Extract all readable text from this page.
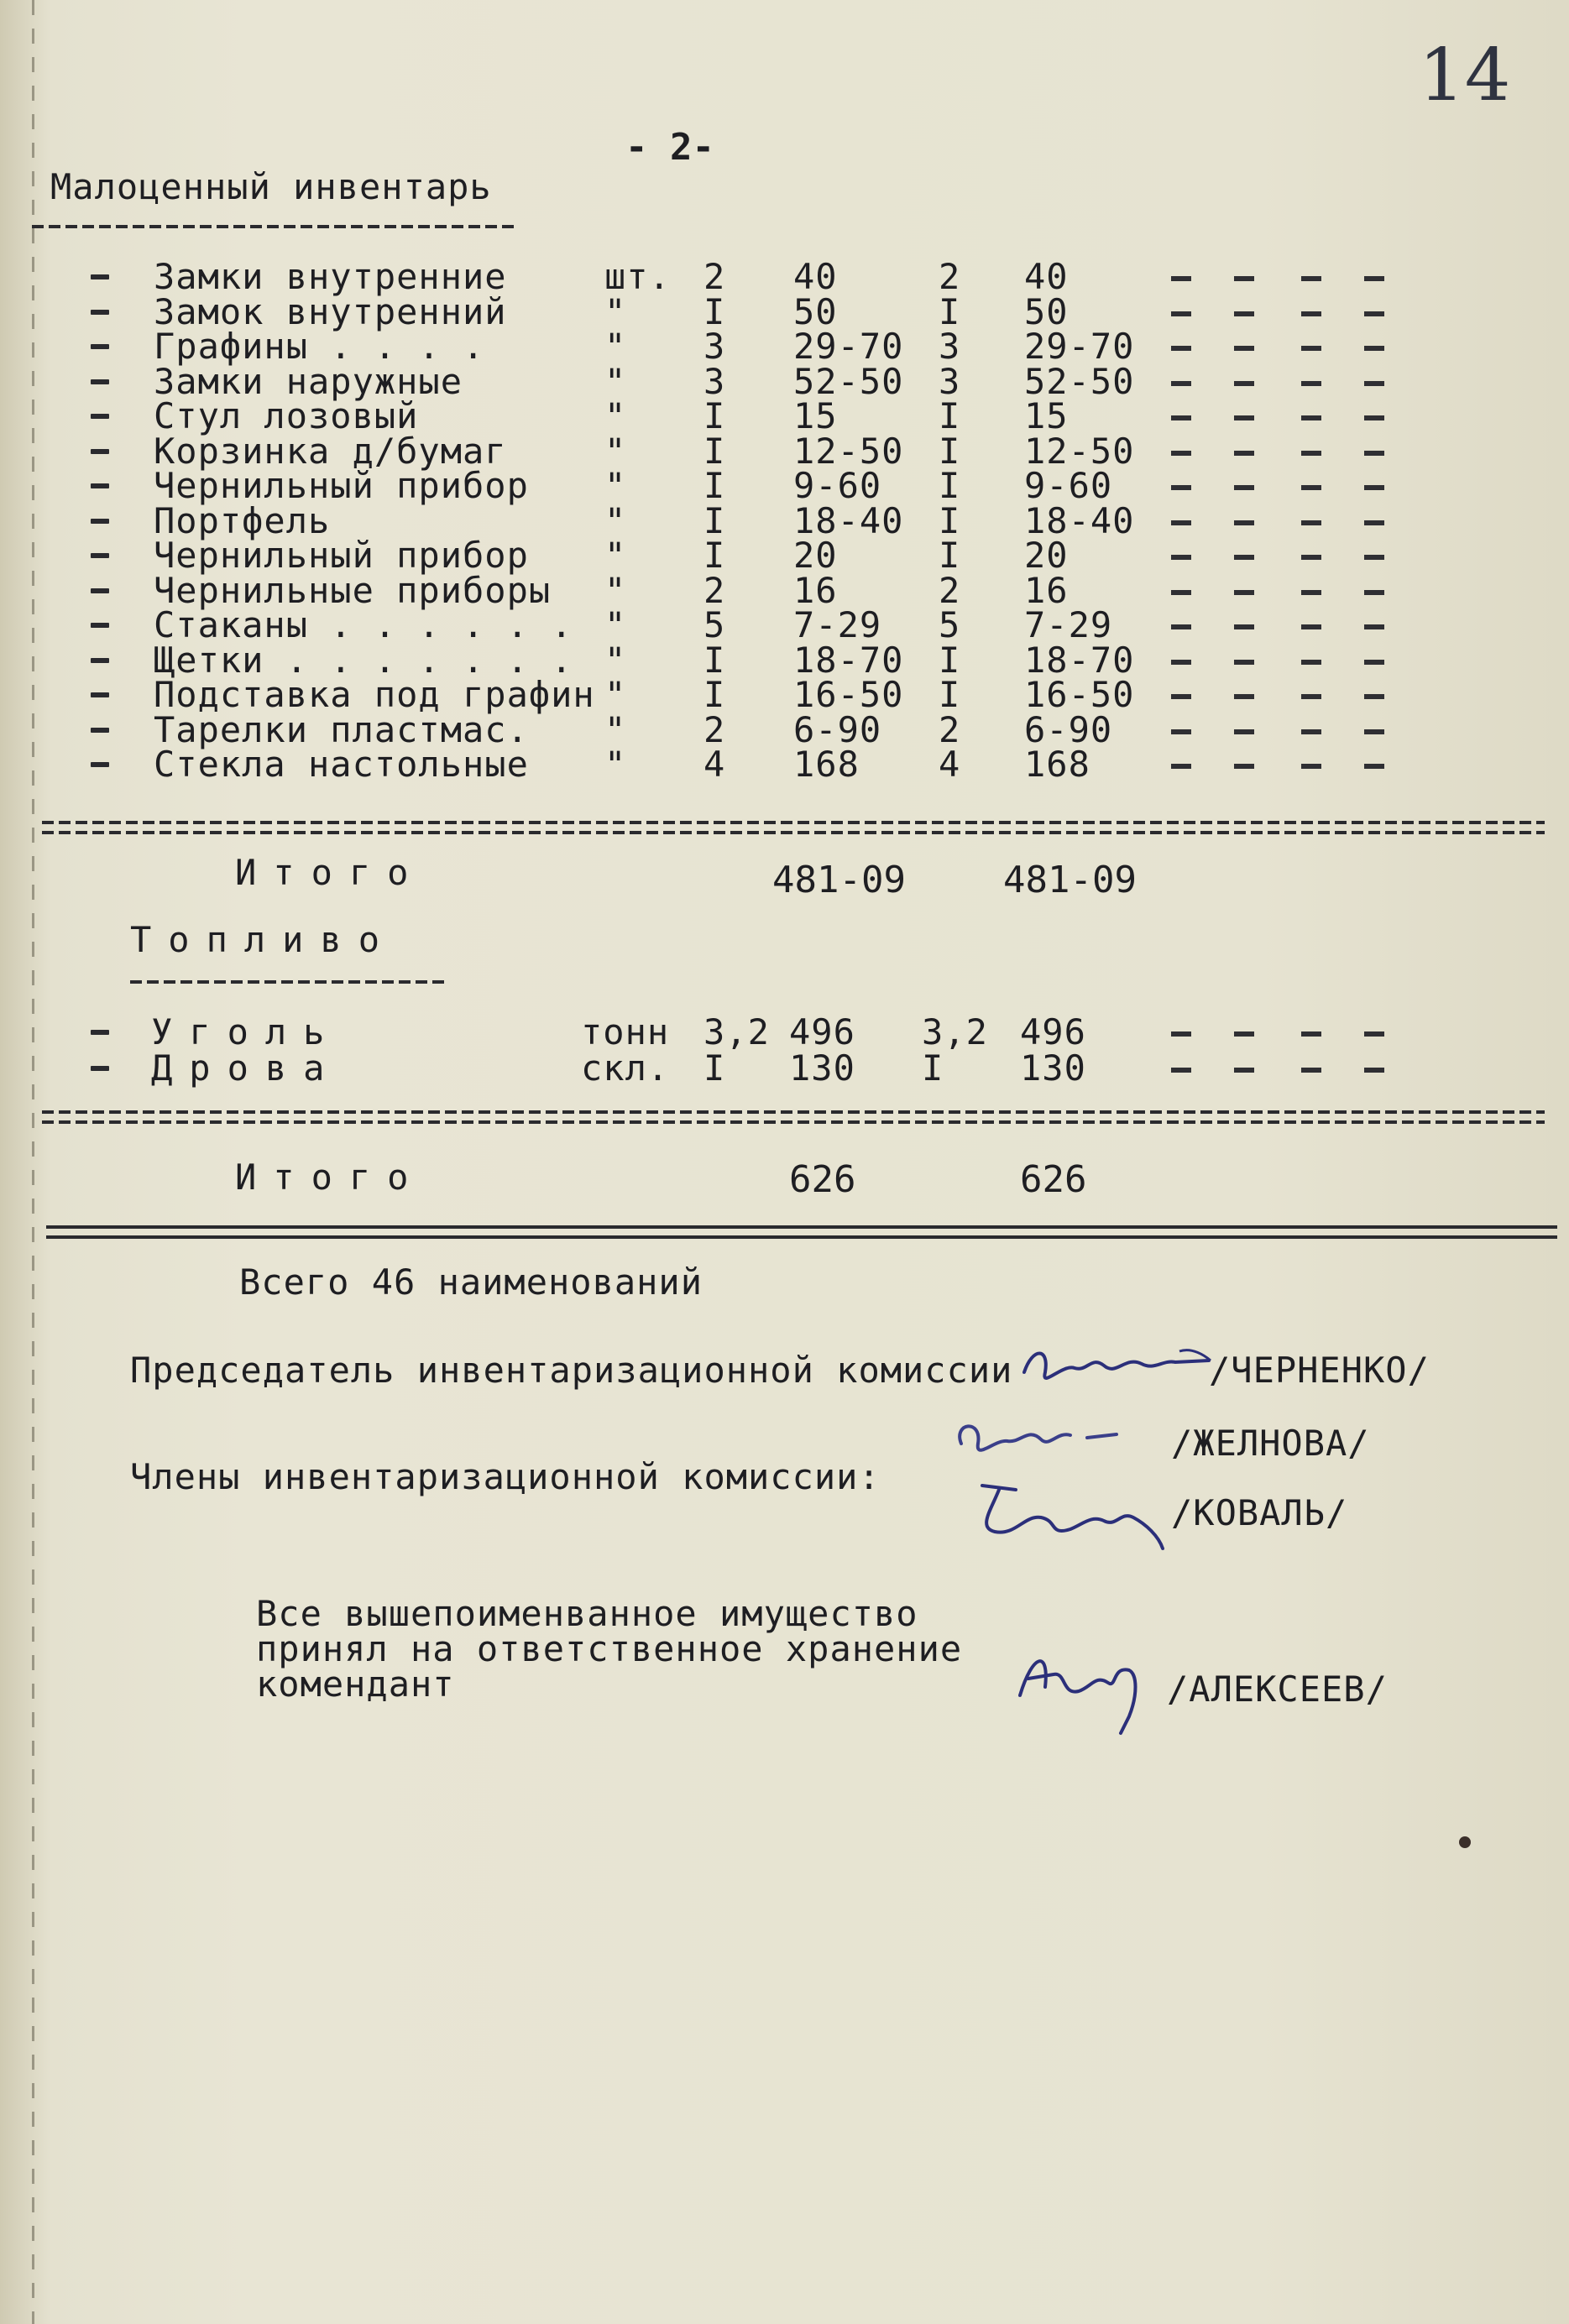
14
- 2-
Малоценный инвентарь
Замки внутренние	шт. 2 40	2 40
Замок внутренний	" I 50	I 50
Графины . . . .	" 3 29-70 3 29-70
Замки наружные	" 3 52-50 3 52-50
Стул лозовый	" I 15	I 15
Корзинка д/бумаг	" I 12-50 I 12-50
Чернильный прибор " I 9-60 I 9-60
Портфель	" I 18-40 I 18-40
Чернильный прибор " I 20	I 20
Чернильные приборы " 2 16	2 16
Стаканы . . . . . . " 5 7-29 5 7-29
Щетки . . . . . . . " I 18-70 I 18-70
Подставка под графин " I 16-50 I 16-50
Тарелки пластмас. " 2 6-90 2 6-90
Стекла настольные " 4 168 4 168
Итого	481-09	481-09
Топливо
Уголь	тонн 3,2 496 3,2 496
Дрова	скл. I 130 I 130
Итого	626	626
Всего 46 наименований
Председатель инвентаризационной комиссии	/ЧЕРНЕНКО/
Члены инвентаризационной комиссии:
/ЖЕЛНОВА/
/КОВАЛЬ/
Все вышепоименванное имущество
принял на ответственное хранение
комендант	/АЛЕКСЕЕВ/
